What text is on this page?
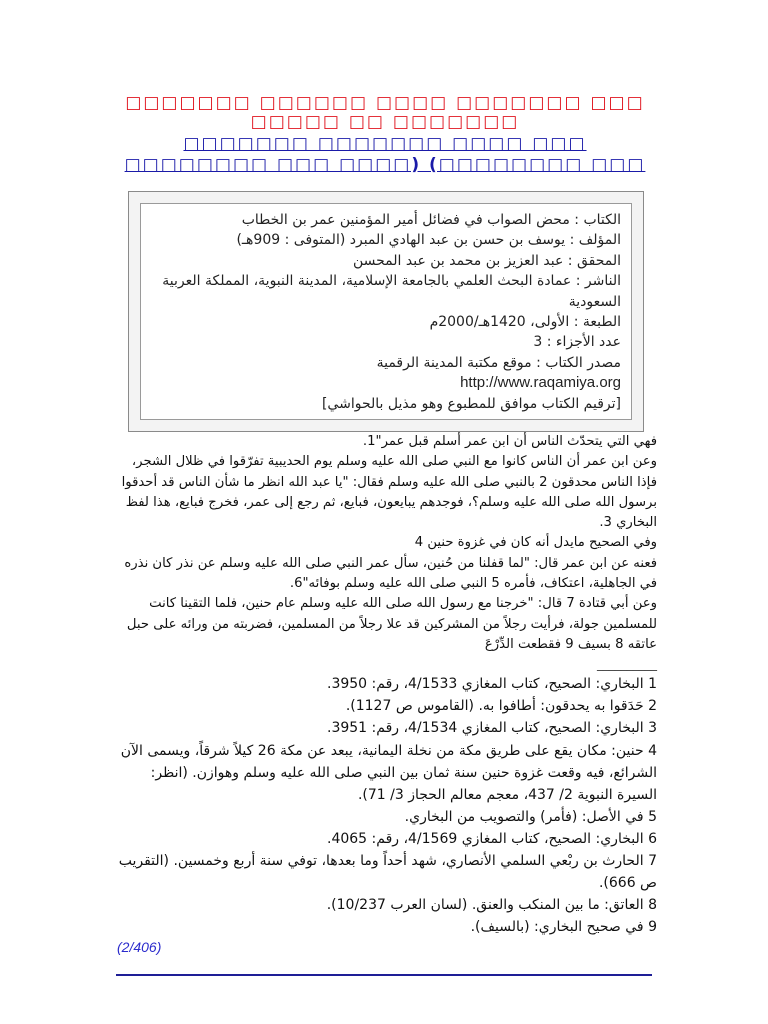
□□□□□□□ □□□□□□ □□□□ □□□□□□□ □□□ □□□□□ □□ □□□□□□□
□□□□□□□ □□□□□□□ □□□□ □□□ □□□□□□□□ □□□ □□□□) (□□□□□□□□ □□□
الكتاب : محض الصواب في فضائل أمير المؤمنين عمر بن الخطاب
المؤلف : يوسف بن حسن بن عبد الهادي المبرد (المتوفى : 909هـ)
المحقق : عبد العزيز بن محمد بن عبد المحسن
الناشر : عمادة البحث العلمي بالجامعة الإسلامية، المدينة النبوية، المملكة العربية السعودية
الطبعة : الأولى، 1420هـ/2000م
عدد الأجزاء : 3
مصدر الكتاب : موقع مكتبة المدينة الرقمية
http://www.raqamiya.org
[ترقيم الكتاب موافق للمطبوع وهو مذيل بالحواشي]

فهي التي يتحدّث الناس أن ابن عمر أسلم قبل عمر"1.

وعن ابن عمر أن الناس كانوا مع النبي صلى الله عليه وسلم يوم الحديبية تفرّقوا في ظلال الشجر، فإذا الناس محدقون 2 بالنبي صلى الله عليه وسلم فقال: "يا عبد الله انظر ما شأن الناس قد أحدقوا برسول الله صلى الله عليه وسلم؟، فوجدهم يبايعون، فبايع، ثم رجع إلى عمر، فخرج فبايع، هذا لفظ البخاري 3.

وفي الصحيح مايدل أنه كان في غزوة حنين 4

فعنه عن ابن عمر قال: "لما قفلنا من حُنين، سأل عمر النبي صلى الله عليه وسلم عن نذر كان نذره في الجاهلية، اعتكاف، فأمره 5 النبي صلى الله عليه وسلم بوفائه"6.

وعن أبي قتادة 7 قال: "خرجنا مع رسول الله صلى الله عليه وسلم عام حنين، فلما التقينا كانت للمسلمين جولة، فرأيت رجلاً من المشركين قد علا رجلاً من المسلمين، فضربته من ورائه على حبل عاتقه 8 بسيف 9 فقطعت الدِّرْعَ

__________

1 البخاري: الصحيح، كتاب المغازي 4/1533، رقم: 3950.

2 حَدَقوا به يحدقون: أطافوا به. (القاموس ص 1127).

3 البخاري: الصحيح، كتاب المغازي 4/1534، رقم: 3951.

4 حنين: مكان يقع على طريق مكة من نخلة اليمانية، يبعد عن مكة 26 كيلاً شرقاً، ويسمى الآن الشرائع، فيه وقعت غزوة حنين سنة ثمان بين النبي صلى الله عليه وسلم وهوازن. (انظر: السيرة النبوية 2/ 437، معجم معالم الحجاز 3/ 71).

5 في الأصل: (فأمر) والتصويب من البخاري.

6 البخاري: الصحيح، كتاب المغازي 4/1569، رقم: 4065.

7 الحارث بن ربْعي السلمي الأنصاري، شهد أحداً وما بعدها، توفي سنة أربع وخمسين. (التقريب ص 666).

8 العاتق: ما بين المنكب والعنق. (لسان العرب 10/237).

9 في صحيح البخاري: (بالسيف).

(2/406)
